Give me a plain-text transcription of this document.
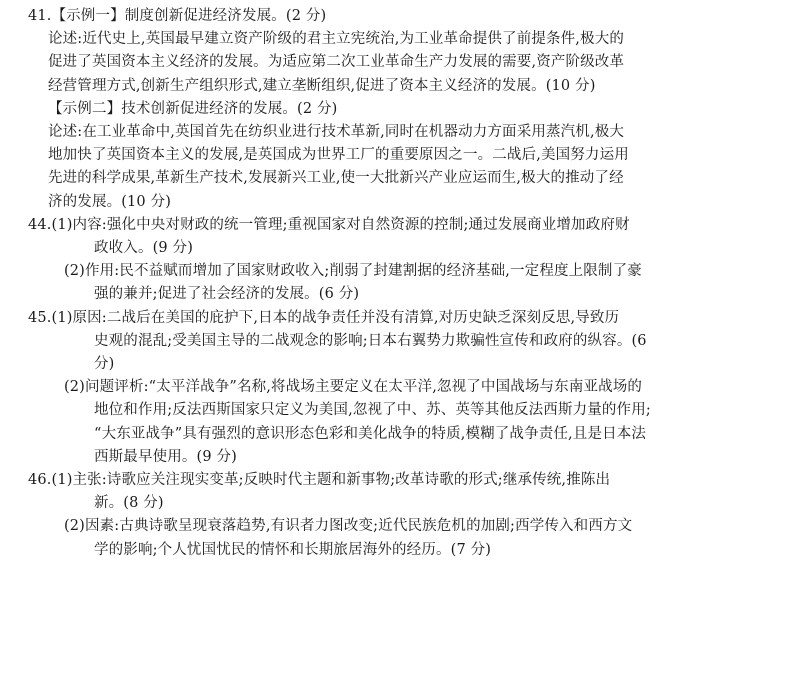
41.【示例一】制度创新促进经济发展。(2 分)
论述:近代史上,英国最早建立资产阶级的君主立宪统治,为工业革命提供了前提条件,极大的
促进了英国资本主义经济的发展。为适应第二次工业革命生产力发展的需要,资产阶级改革
经营管理方式,创新生产组织形式,建立垄断组织,促进了资本主义经济的发展。(10 分)
【示例二】技术创新促进经济的发展。(2 分)
论述:在工业革命中,英国首先在纺织业进行技术革新,同时在机器动力方面采用蒸汽机,极大
地加快了英国资本主义的发展,是英国成为世界工厂的重要原因之一。二战后,美国努力运用
先进的科学成果,革新生产技术,发展新兴工业,使一大批新兴产业应运而生,极大的推动了经
济的发展。(10 分)
44.(1)内容:强化中央对财政的统一管理;重视国家对自然资源的控制;通过发展商业增加政府财
政收入。(9 分)
(2)作用:民不益赋而增加了国家财政收入;削弱了封建割据的经济基础,一定程度上限制了豪
强的兼并;促进了社会经济的发展。(6 分)
45.(1)原因:二战后在美国的庇护下,日本的战争责任并没有清算,对历史缺乏深刻反思,导致历
史观的混乱;受美国主导的二战观念的影响;日本右翼势力欺骗性宣传和政府的纵容。(6
分)
(2)问题评析:“太平洋战争”名称,将战场主要定义在太平洋,忽视了中国战场与东南亚战场的
地位和作用;反法西斯国家只定义为美国,忽视了中、苏、英等其他反法西斯力量的作用;
“大东亚战争”具有强烈的意识形态色彩和美化战争的特质,模糊了战争责任,且是日本法
西斯最早使用。(9 分)
46.(1)主张:诗歌应关注现实变革;反映时代主题和新事物;改革诗歌的形式;继承传统,推陈出
新。(8 分)
(2)因素:古典诗歌呈现衰落趋势,有识者力图改变;近代民族危机的加剧;西学传入和西方文
学的影响;个人忧国忧民的情怀和长期旅居海外的经历。(7 分)
